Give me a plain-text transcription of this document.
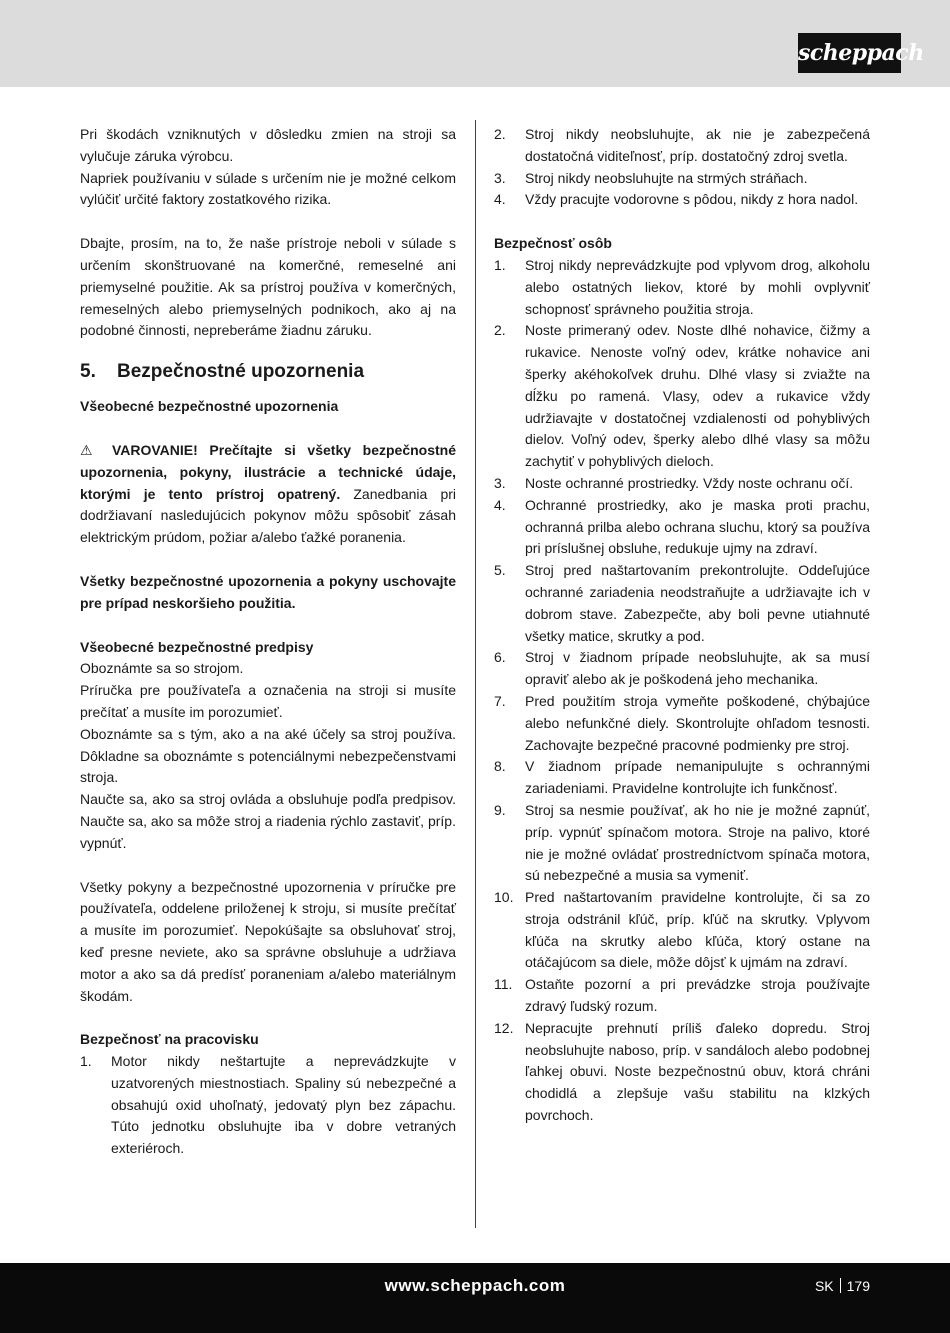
scheppach

Pri škodách vzniknutých v dôsledku zmien na stroji sa vylučuje záruka výrobcu.

Napriek používaniu v súlade s určením nie je možné celkom vylúčiť určité faktory zostatkového rizika.

Dbajte, prosím, na to, že naše prístroje neboli v súlade s určením skonštruované na komerčné, remeselné ani priemyselné použitie. Ak sa prístroj používa v komerčných, remeselných alebo priemyselných podnikoch, ako aj na podobné činnosti, nepreberáme žiadnu záruku.

5.	Bezpečnostné upozornenia

Všeobecné bezpečnostné upozornenia

⚠ VAROVANIE! Prečítajte si všetky bezpečnostné upozornenia, pokyny, ilustrácie a technické údaje, ktorými je tento prístroj opatrený. Zanedbania pri dodržiavaní nasledujúcich pokynov môžu spôsobiť zásah elektrickým prúdom, požiar a/alebo ťažké poranenia.

Všetky bezpečnostné upozornenia a pokyny uschovajte pre prípad neskoršieho použitia.

Všeobecné bezpečnostné predpisy

Oboznámte sa so strojom.

Príručka pre používateľa a označenia na stroji si musíte prečítať a musíte im porozumieť.

Oboznámte sa s tým, ako a na aké účely sa stroj používa. Dôkladne sa oboznámte s potenciálnymi nebezpečenstvami stroja.

Naučte sa, ako sa stroj ovláda a obsluhuje podľa predpisov. Naučte sa, ako sa môže stroj a riadenia rýchlo zastaviť, príp. vypnúť.

Všetky pokyny a bezpečnostné upozornenia v príručke pre používateľa, oddelene priloženej k stroju, si musíte prečítať a musíte im porozumieť. Nepokúšajte sa obsluhovať stroj, keď presne neviete, ako sa správne obsluhuje a udržiava motor a ako sa dá predísť poraneniam a/alebo materiálnym škodám.

Bezpečnosť na pracovisku

1.	Motor nikdy neštartujte a neprevádzkujte v uzatvorených miestnostiach. Spaliny sú nebezpečné a obsahujú oxid uhoľnatý, jedovatý plyn bez zápachu. Túto jednotku obsluhujte iba v dobre vetraných exteriéroch.
2.	Stroj nikdy neobsluhujte, ak nie je zabezpečená dostatočná viditeľnosť, príp. dostatočný zdroj svetla.
3.	Stroj nikdy neobsluhujte na strmých stráňach.
4.	Vždy pracujte vodorovne s pôdou, nikdy z hora nadol.

Bezpečnosť osôb

1.	Stroj nikdy neprevádzkujte pod vplyvom drog, alkoholu alebo ostatných liekov, ktoré by mohli ovplyvniť schopnosť správneho použitia stroja.
2.	Noste primeraný odev. Noste dlhé nohavice, čižmy a rukavice. Nenoste voľný odev, krátke nohavice ani šperky akéhokoľvek druhu. Dlhé vlasy si zviažte na dĺžku po ramená. Vlasy, odev a rukavice vždy udržiavajte v dostatočnej vzdialenosti od pohyblivých dielov. Voľný odev, šperky alebo dlhé vlasy sa môžu zachytiť v pohyblivých dieloch.
3.	Noste ochranné prostriedky. Vždy noste ochranu očí.
4.	Ochranné prostriedky, ako je maska proti prachu, ochranná prilba alebo ochrana sluchu, ktorý sa používa pri príslušnej obsluhe, redukuje ujmy na zdraví.
5.	Stroj pred naštartovaním prekontrolujte. Oddeľujúce ochranné zariadenia neodstraňujte a udržiavajte ich v dobrom stave. Zabezpečte, aby boli pevne utiahnuté všetky matice, skrutky a pod.
6.	Stroj v žiadnom prípade neobsluhujte, ak sa musí opraviť alebo ak je poškodená jeho mechanika.
7.	Pred použitím stroja vymeňte poškodené, chýbajúce alebo nefunkčné diely. Skontrolujte ohľadom tesnosti. Zachovajte bezpečné pracovné podmienky pre stroj.
8.	V žiadnom prípade nemanipulujte s ochrannými zariadeniami. Pravidelne kontrolujte ich funkčnosť.
9.	Stroj sa nesmie používať, ak ho nie je možné zapnúť, príp. vypnúť spínačom motora. Stroje na palivo, ktoré nie je možné ovládať prostredníctvom spínača motora, sú nebezpečné a musia sa vymeniť.
10. Pred naštartovaním pravidelne kontrolujte, či sa zo stroja odstránil kľúč, príp. kľúč na skrutky. Vplyvom kľúča na skrutky alebo kľúča, ktorý ostane na otáčajúcom sa diele, môže dôjsť k ujmám na zdraví.
11. Ostaňte pozorní a pri prevádzke stroja používajte zdravý ľudský rozum.
12. Nepracujte prehnutí príliš ďaleko dopredu. Stroj neobsluhujte naboso, príp. v sandáloch alebo podobnej ľahkej obuvi. Noste bezpečnostnú obuv, ktorá chráni chodidlá a zlepšuje vašu stabilitu na klzkých povrchoch.
www.scheppach.com	SK 179
